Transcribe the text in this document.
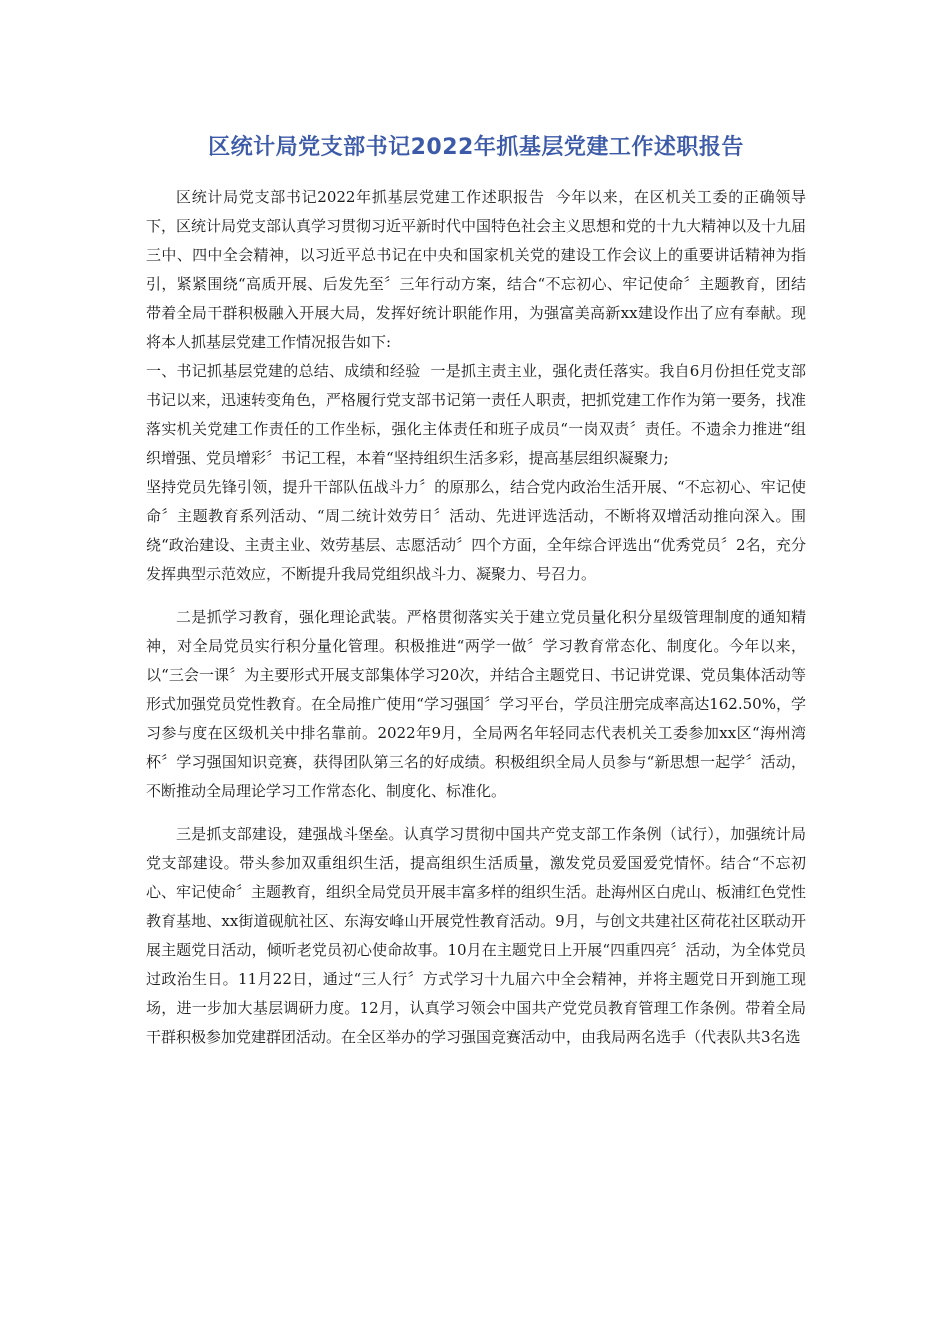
区统计局党支部书记2022年抓基层党建工作述职报告

区统计局党支部书记2022年抓基层党建工作述职报告  今年以来，在区机关工委的正确领导下，区统计局党支部认真学习贯彻习近平新时代中国特色社会主义思想和党的十九大精神以及十九届三中、四中全会精神，以习近平总书记在中央和国家机关党的建设工作会议上的重要讲话精神为指引，紧紧围绕“高质开展、后发先至〞三年行动方案，结合“不忘初心、牢记使命〞主题教育，团结带着全局干群积极融入开展大局，发挥好统计职能作用，为强富美高新xx建设作出了应有奉献。现将本人抓基层党建工作情况报告如下:

一、书记抓基层党建的总结、成绩和经验  一是抓主责主业，强化责任落实。我自6月份担任党支部书记以来，迅速转变角色，严格履行党支部书记第一责任人职责，把抓党建工作作为第一要务，找准落实机关党建工作责任的工作坐标，强化主体责任和班子成员“一岗双责〞责任。不遗余力推进“组织增强、党员增彩〞书记工程，本着“坚持组织生活多彩，提高基层组织凝聚力;

坚持党员先锋引领，提升干部队伍战斗力〞的原那么，结合党内政治生活开展、“不忘初心、牢记使命〞主题教育系列活动、“周二统计效劳日〞活动、先进评选活动，不断将双增活动推向深入。围绕“政治建设、主责主业、效劳基层、志愿活动〞四个方面，全年综合评选出“优秀党员〞2名，充分发挥典型示范效应，不断提升我局党组织战斗力、凝聚力、号召力。

二是抓学习教育，强化理论武装。严格贯彻落实关于建立党员量化积分星级管理制度的通知精神，对全局党员实行积分量化管理。积极推进“两学一做〞学习教育常态化、制度化。今年以来，以“三会一课〞为主要形式开展支部集体学习20次，并结合主题党日、书记讲党课、党员集体活动等形式加强党员党性教育。在全局推广使用“学习强国〞学习平台，学员注册完成率高达162.50%，学习参与度在区级机关中排名靠前。2022年9月，全局两名年轻同志代表机关工委参加xx区“海州湾杯〞学习强国知识竞赛，获得团队第三名的好成绩。积极组织全局人员参与“新思想一起学〞活动，不断推动全局理论学习工作常态化、制度化、标准化。

三是抓支部建设，建强战斗堡垒。认真学习贯彻中国共产党支部工作条例（试行），加强统计局党支部建设。带头参加双重组织生活，提高组织生活质量，激发党员爱国爱党情怀。结合“不忘初心、牢记使命〞主题教育，组织全局党员开展丰富多样的组织生活。赴海州区白虎山、板浦红色党性教育基地、xx街道砚航社区、东海安峰山开展党性教育活动。9月，与创文共建社区荷花社区联动开展主题党日活动，倾听老党员初心使命故事。10月在主题党日上开展“四重四亮〞活动，为全体党员过政治生日。11月22日，通过“三人行〞方式学习十九届六中全会精神，并将主题党日开到施工现场，进一步加大基层调研力度。12月，认真学习领会中国共产党党员教育管理工作条例。带着全局干群积极参加党建群团活动。在全区举办的学习强国竞赛活动中，由我局两名选手（代表队共3名选
